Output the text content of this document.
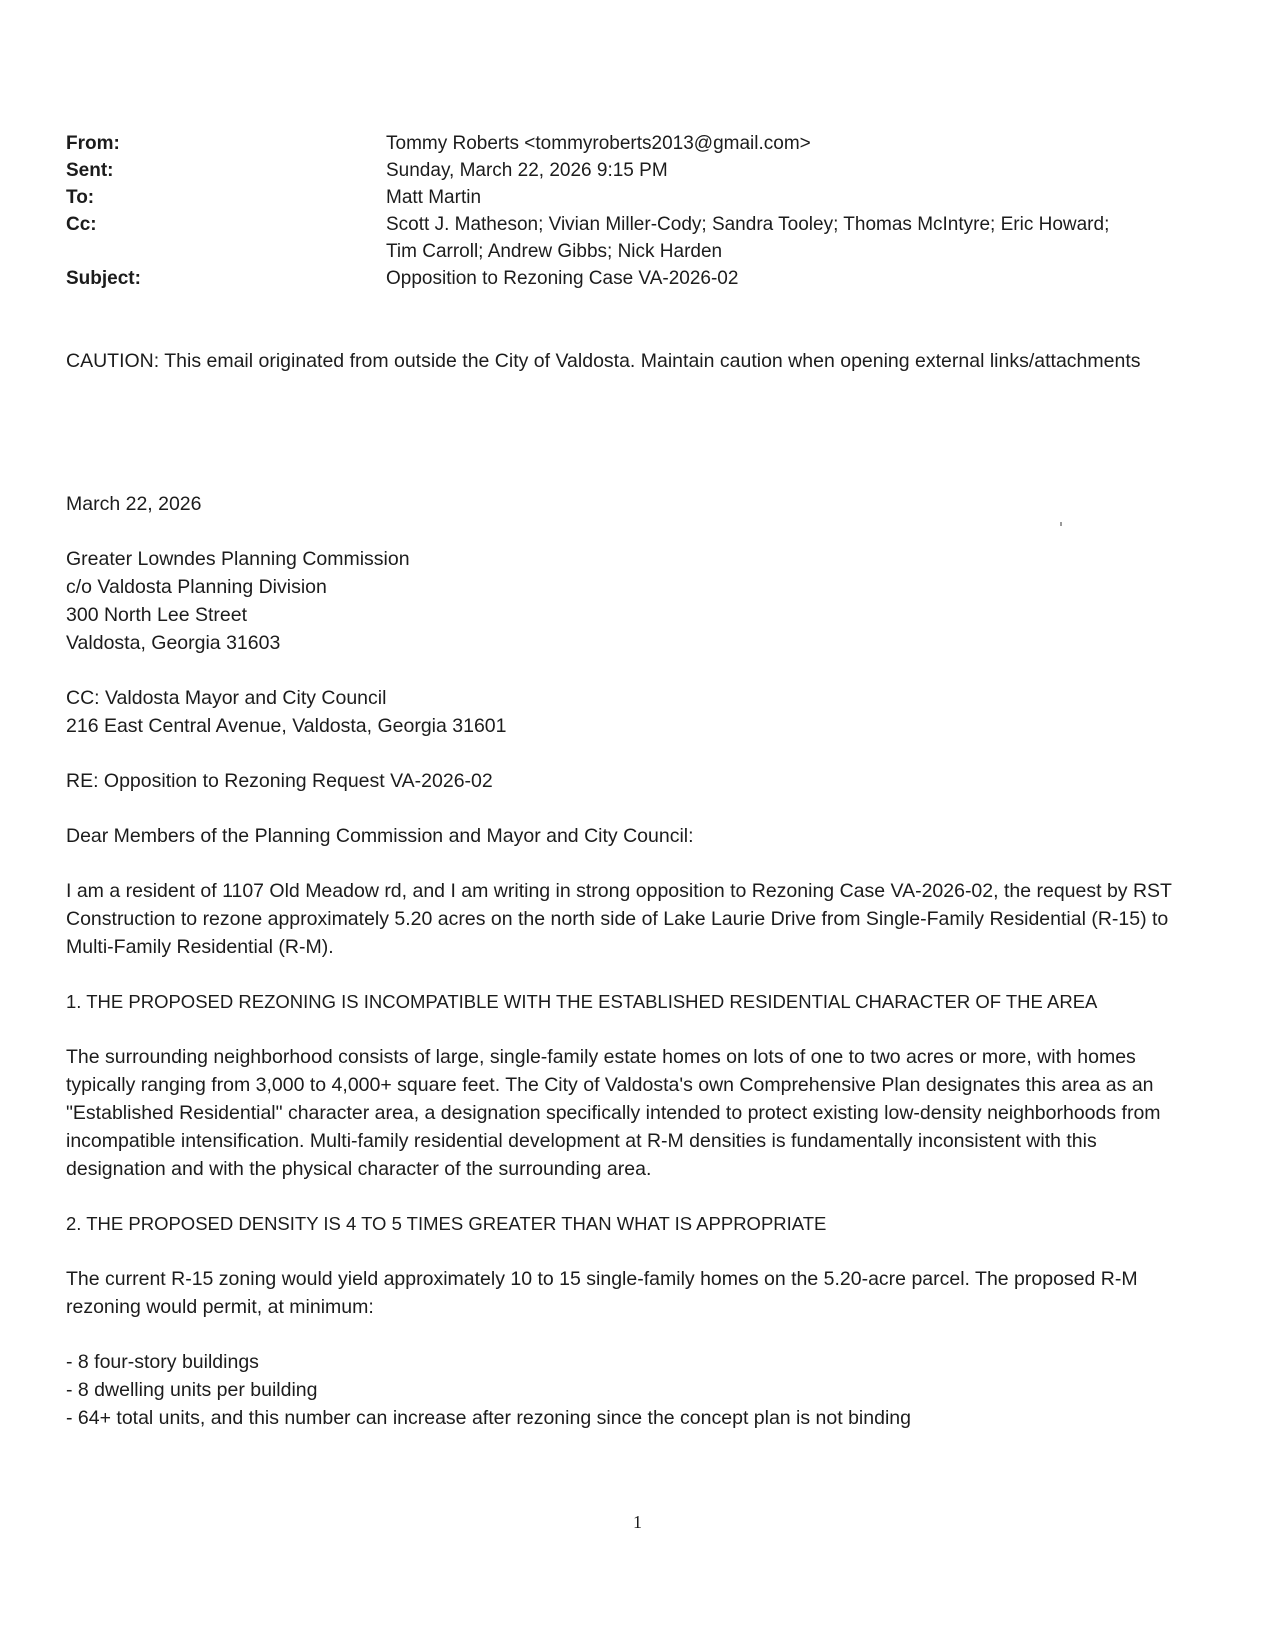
From:	Tommy Roberts <tommyroberts2013@gmail.com>
Sent:	Sunday, March 22, 2026 9:15 PM
To:	Matt Martin
Cc:	Scott J. Matheson; Vivian Miller-Cody; Sandra Tooley; Thomas McIntyre; Eric Howard;
Tim Carroll; Andrew Gibbs; Nick Harden
Subject:	Opposition to Rezoning Case VA-2026-02
CAUTION: This email originated from outside the City of Valdosta. Maintain caution when opening external links/attachments

March 22, 2026

Greater Lowndes Planning Commission
c/o Valdosta Planning Division
300 North Lee Street
Valdosta, Georgia 31603

CC: Valdosta Mayor and City Council
216 East Central Avenue, Valdosta, Georgia 31601

RE: Opposition to Rezoning Request VA-2026-02

Dear Members of the Planning Commission and Mayor and City Council:

I am a resident of 1107 Old Meadow rd, and I am writing in strong opposition to Rezoning Case VA-2026-02, the request by RST Construction to rezone approximately 5.20 acres on the north side of Lake Laurie Drive from Single-Family Residential (R-15) to Multi-Family Residential (R-M).

1. THE PROPOSED REZONING IS INCOMPATIBLE WITH THE ESTABLISHED RESIDENTIAL CHARACTER OF THE AREA

The surrounding neighborhood consists of large, single-family estate homes on lots of one to two acres or more, with homes typically ranging from 3,000 to 4,000+ square feet. The City of Valdosta's own Comprehensive Plan designates this area as an "Established Residential" character area, a designation specifically intended to protect existing low-density neighborhoods from incompatible intensification. Multi-family residential development at R-M densities is fundamentally inconsistent with this designation and with the physical character of the surrounding area.

2. THE PROPOSED DENSITY IS 4 TO 5 TIMES GREATER THAN WHAT IS APPROPRIATE

The current R-15 zoning would yield approximately 10 to 15 single-family homes on the 5.20-acre parcel. The proposed R-M rezoning would permit, at minimum:

- 8 four-story buildings
- 8 dwelling units per building
- 64+ total units, and this number can increase after rezoning since the concept plan is not binding

1
